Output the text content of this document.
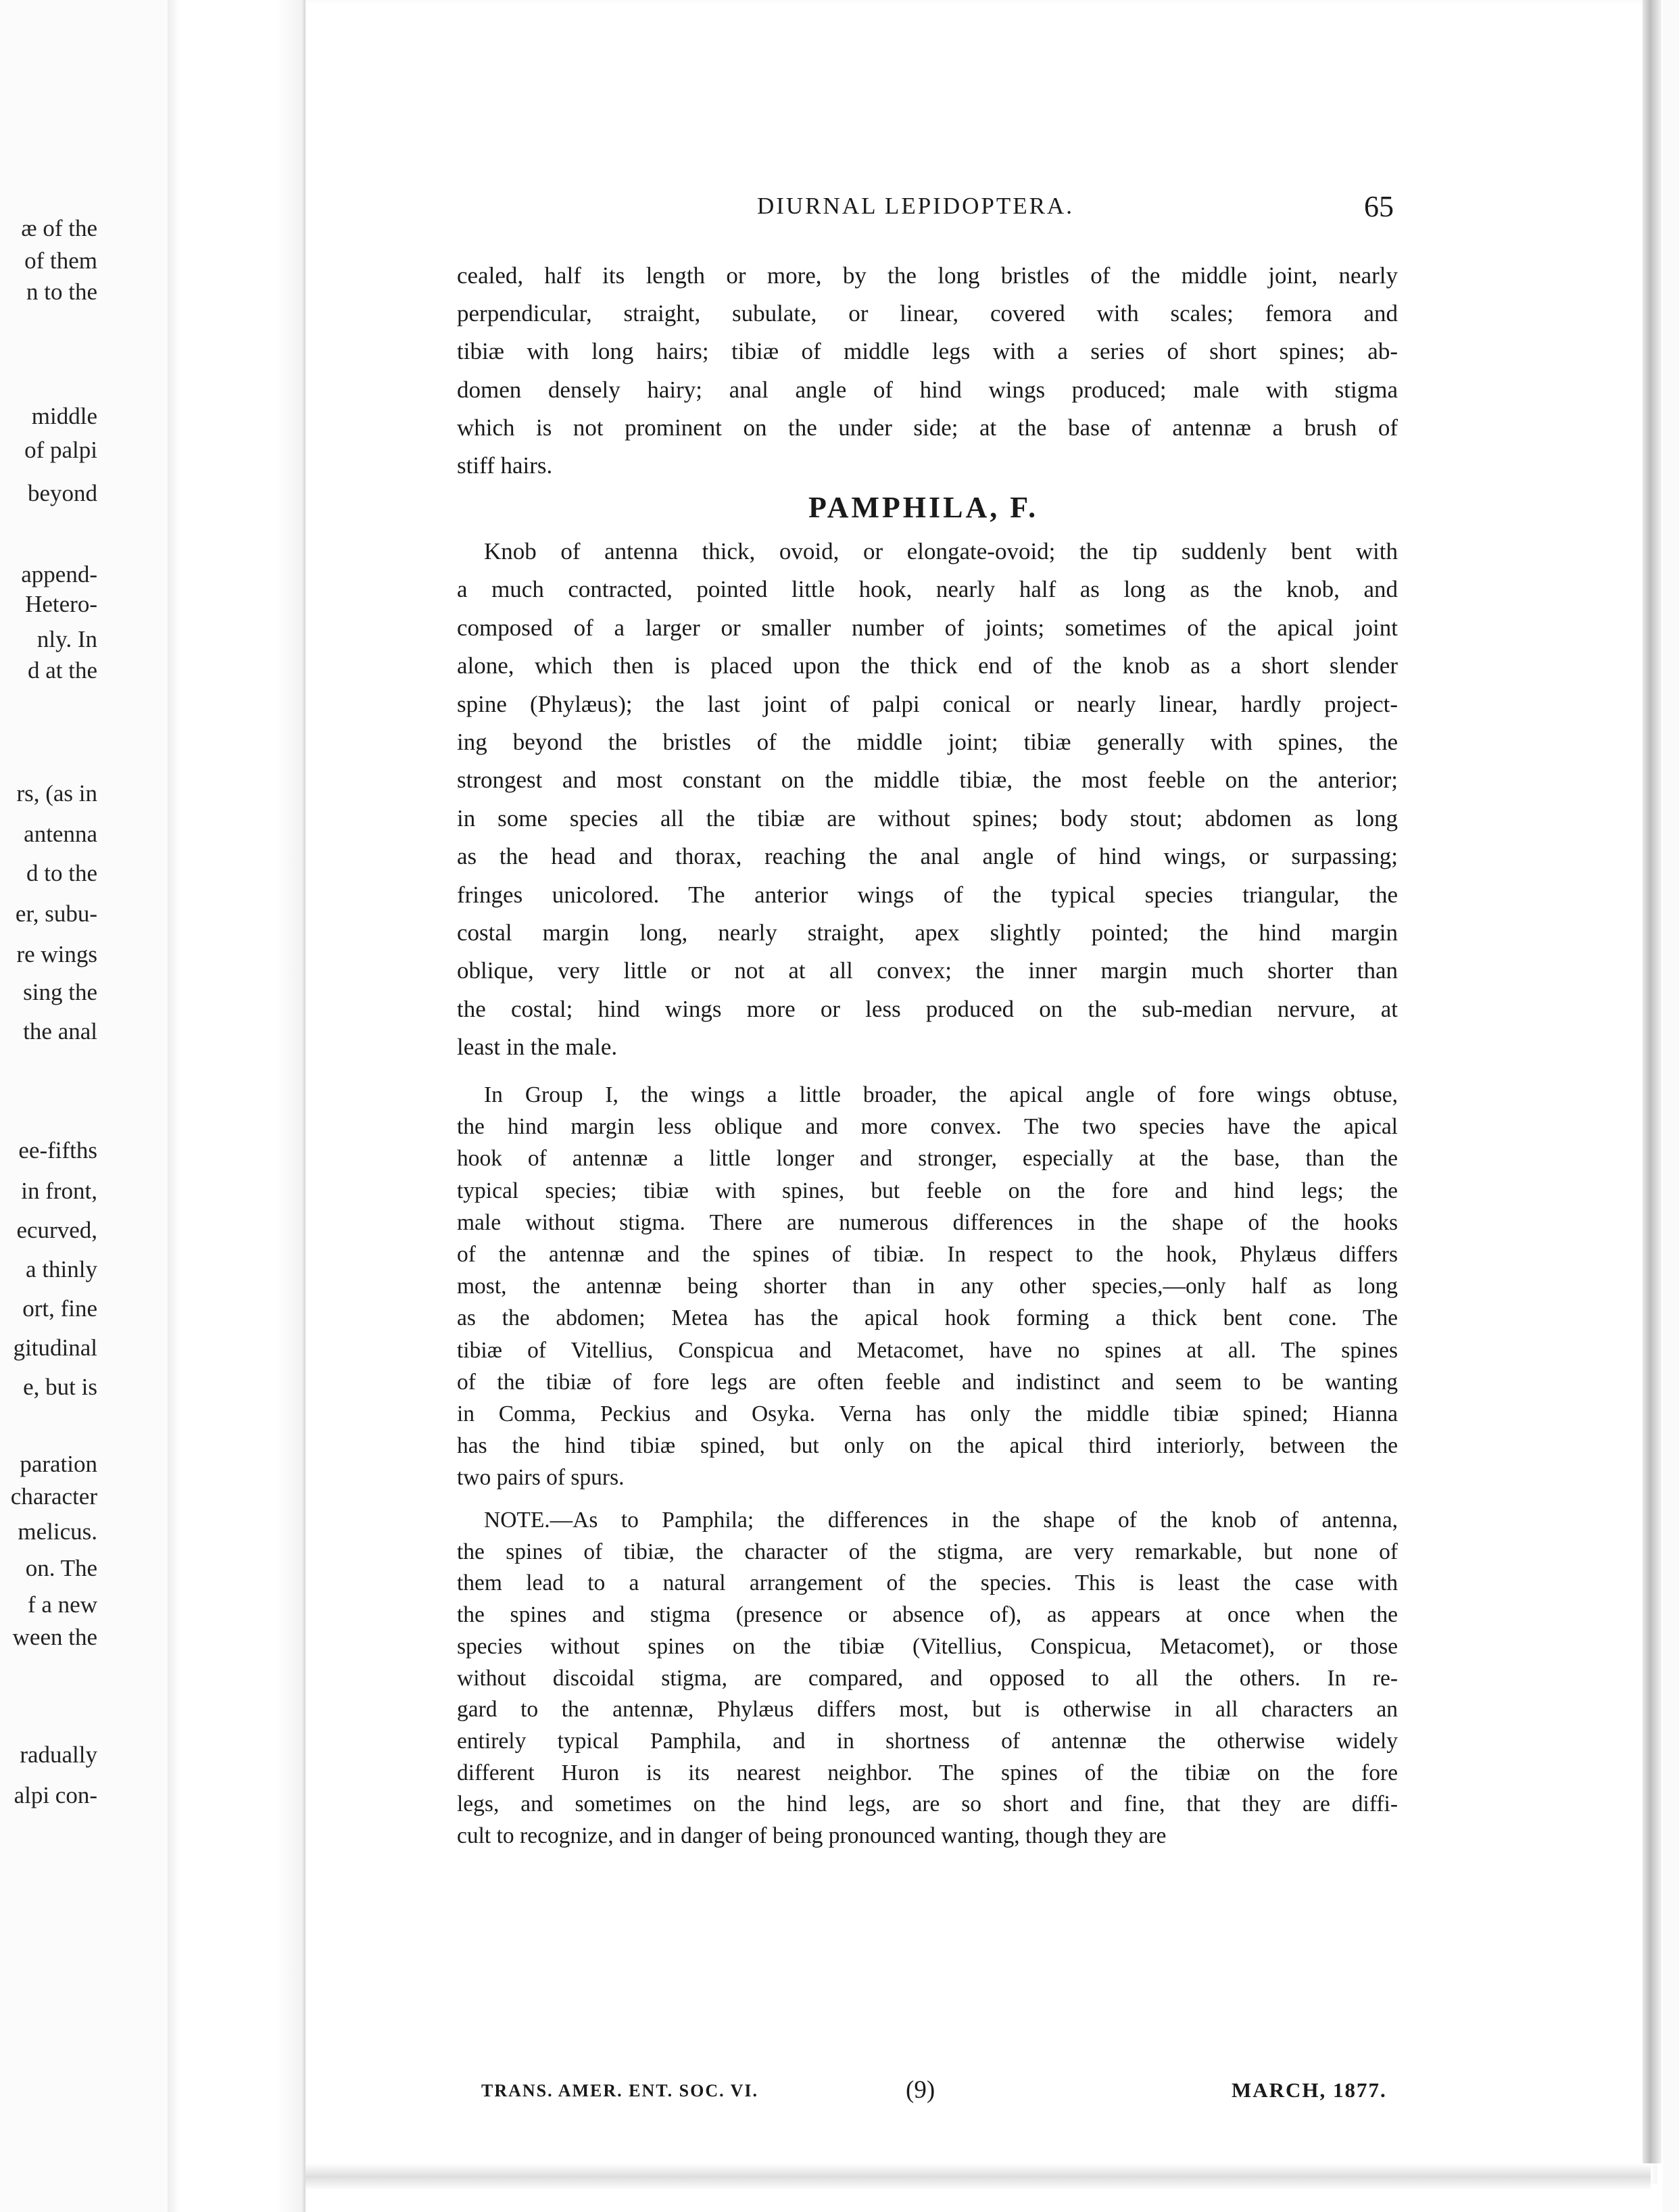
æ of the
of them
n to the
middle
of palpi
beyond
append-
Hetero-
nly. In
d at the
rs, (as in
antenna
d to the
er, subu-
re wings
sing the
the anal
ee-fifths
in front,
ecurved,
a thinly
ort, fine
gitudinal
e, but is
paration
character
melicus.
on. The
f a new
ween the
radually
alpi con-
DIURNAL LEPIDOPTERA.	65
cealed, half its length or more, by the long bristles of the middle joint, nearly
perpendicular, straight, subulate, or linear, covered with scales; femora and
tibiæ with long hairs; tibiæ of middle legs with a series of short spines; ab-
domen densely hairy; anal angle of hind wings produced; male with stigma
which is not prominent on the under side; at the base of antennæ a brush of
stiff hairs.
PAMPHILA, F.
Knob of antenna thick, ovoid, or elongate-ovoid; the tip suddenly bent with
a much contracted, pointed little hook, nearly half as long as the knob, and
composed of a larger or smaller number of joints; sometimes of the apical joint
alone, which then is placed upon the thick end of the knob as a short slender
spine (Phylæus); the last joint of palpi conical or nearly linear, hardly project-
ing beyond the bristles of the middle joint; tibiæ generally with spines, the
strongest and most constant on the middle tibiæ, the most feeble on the anterior;
in some species all the tibiæ are without spines; body stout; abdomen as long
as the head and thorax, reaching the anal angle of hind wings, or surpassing;
fringes unicolored. The anterior wings of the typical species triangular, the
costal margin long, nearly straight, apex slightly pointed; the hind margin
oblique, very little or not at all convex; the inner margin much shorter than
the costal; hind wings more or less produced on the sub-median nervure, at
least in the male.
In Group I, the wings a little broader, the apical angle of fore wings obtuse,
the hind margin less oblique and more convex. The two species have the apical
hook of antennæ a little longer and stronger, especially at the base, than the
typical species; tibiæ with spines, but feeble on the fore and hind legs; the
male without stigma. There are numerous differences in the shape of the hooks
of the antennæ and the spines of tibiæ. In respect to the hook, Phylæus differs
most, the antennæ being shorter than in any other species,—only half as long
as the abdomen; Metea has the apical hook forming a thick bent cone. The
tibiæ of Vitellius, Conspicua and Metacomet, have no spines at all. The spines
of the tibiæ of fore legs are often feeble and indistinct and seem to be wanting
in Comma, Peckius and Osyka. Verna has only the middle tibiæ spined; Hianna
has the hind tibiæ spined, but only on the apical third interiorly, between the
two pairs of spurs.
NOTE.—As to Pamphila; the differences in the shape of the knob of antenna,
the spines of tibiæ, the character of the stigma, are very remarkable, but none of
them lead to a natural arrangement of the species. This is least the case with
the spines and stigma (presence or absence of), as appears at once when the
species without spines on the tibiæ (Vitellius, Conspicua, Metacomet), or those
without discoidal stigma, are compared, and opposed to all the others. In re-
gard to the antennæ, Phylæus differs most, but is otherwise in all characters an
entirely typical Pamphila, and in shortness of antennæ the otherwise widely
different Huron is its nearest neighbor. The spines of the tibiæ on the fore
legs, and sometimes on the hind legs, are so short and fine, that they are diffi-
cult to recognize, and in danger of being pronounced wanting, though they are
TRANS. AMER. ENT. SOC. VI.	(9)	MARCH, 1877.
